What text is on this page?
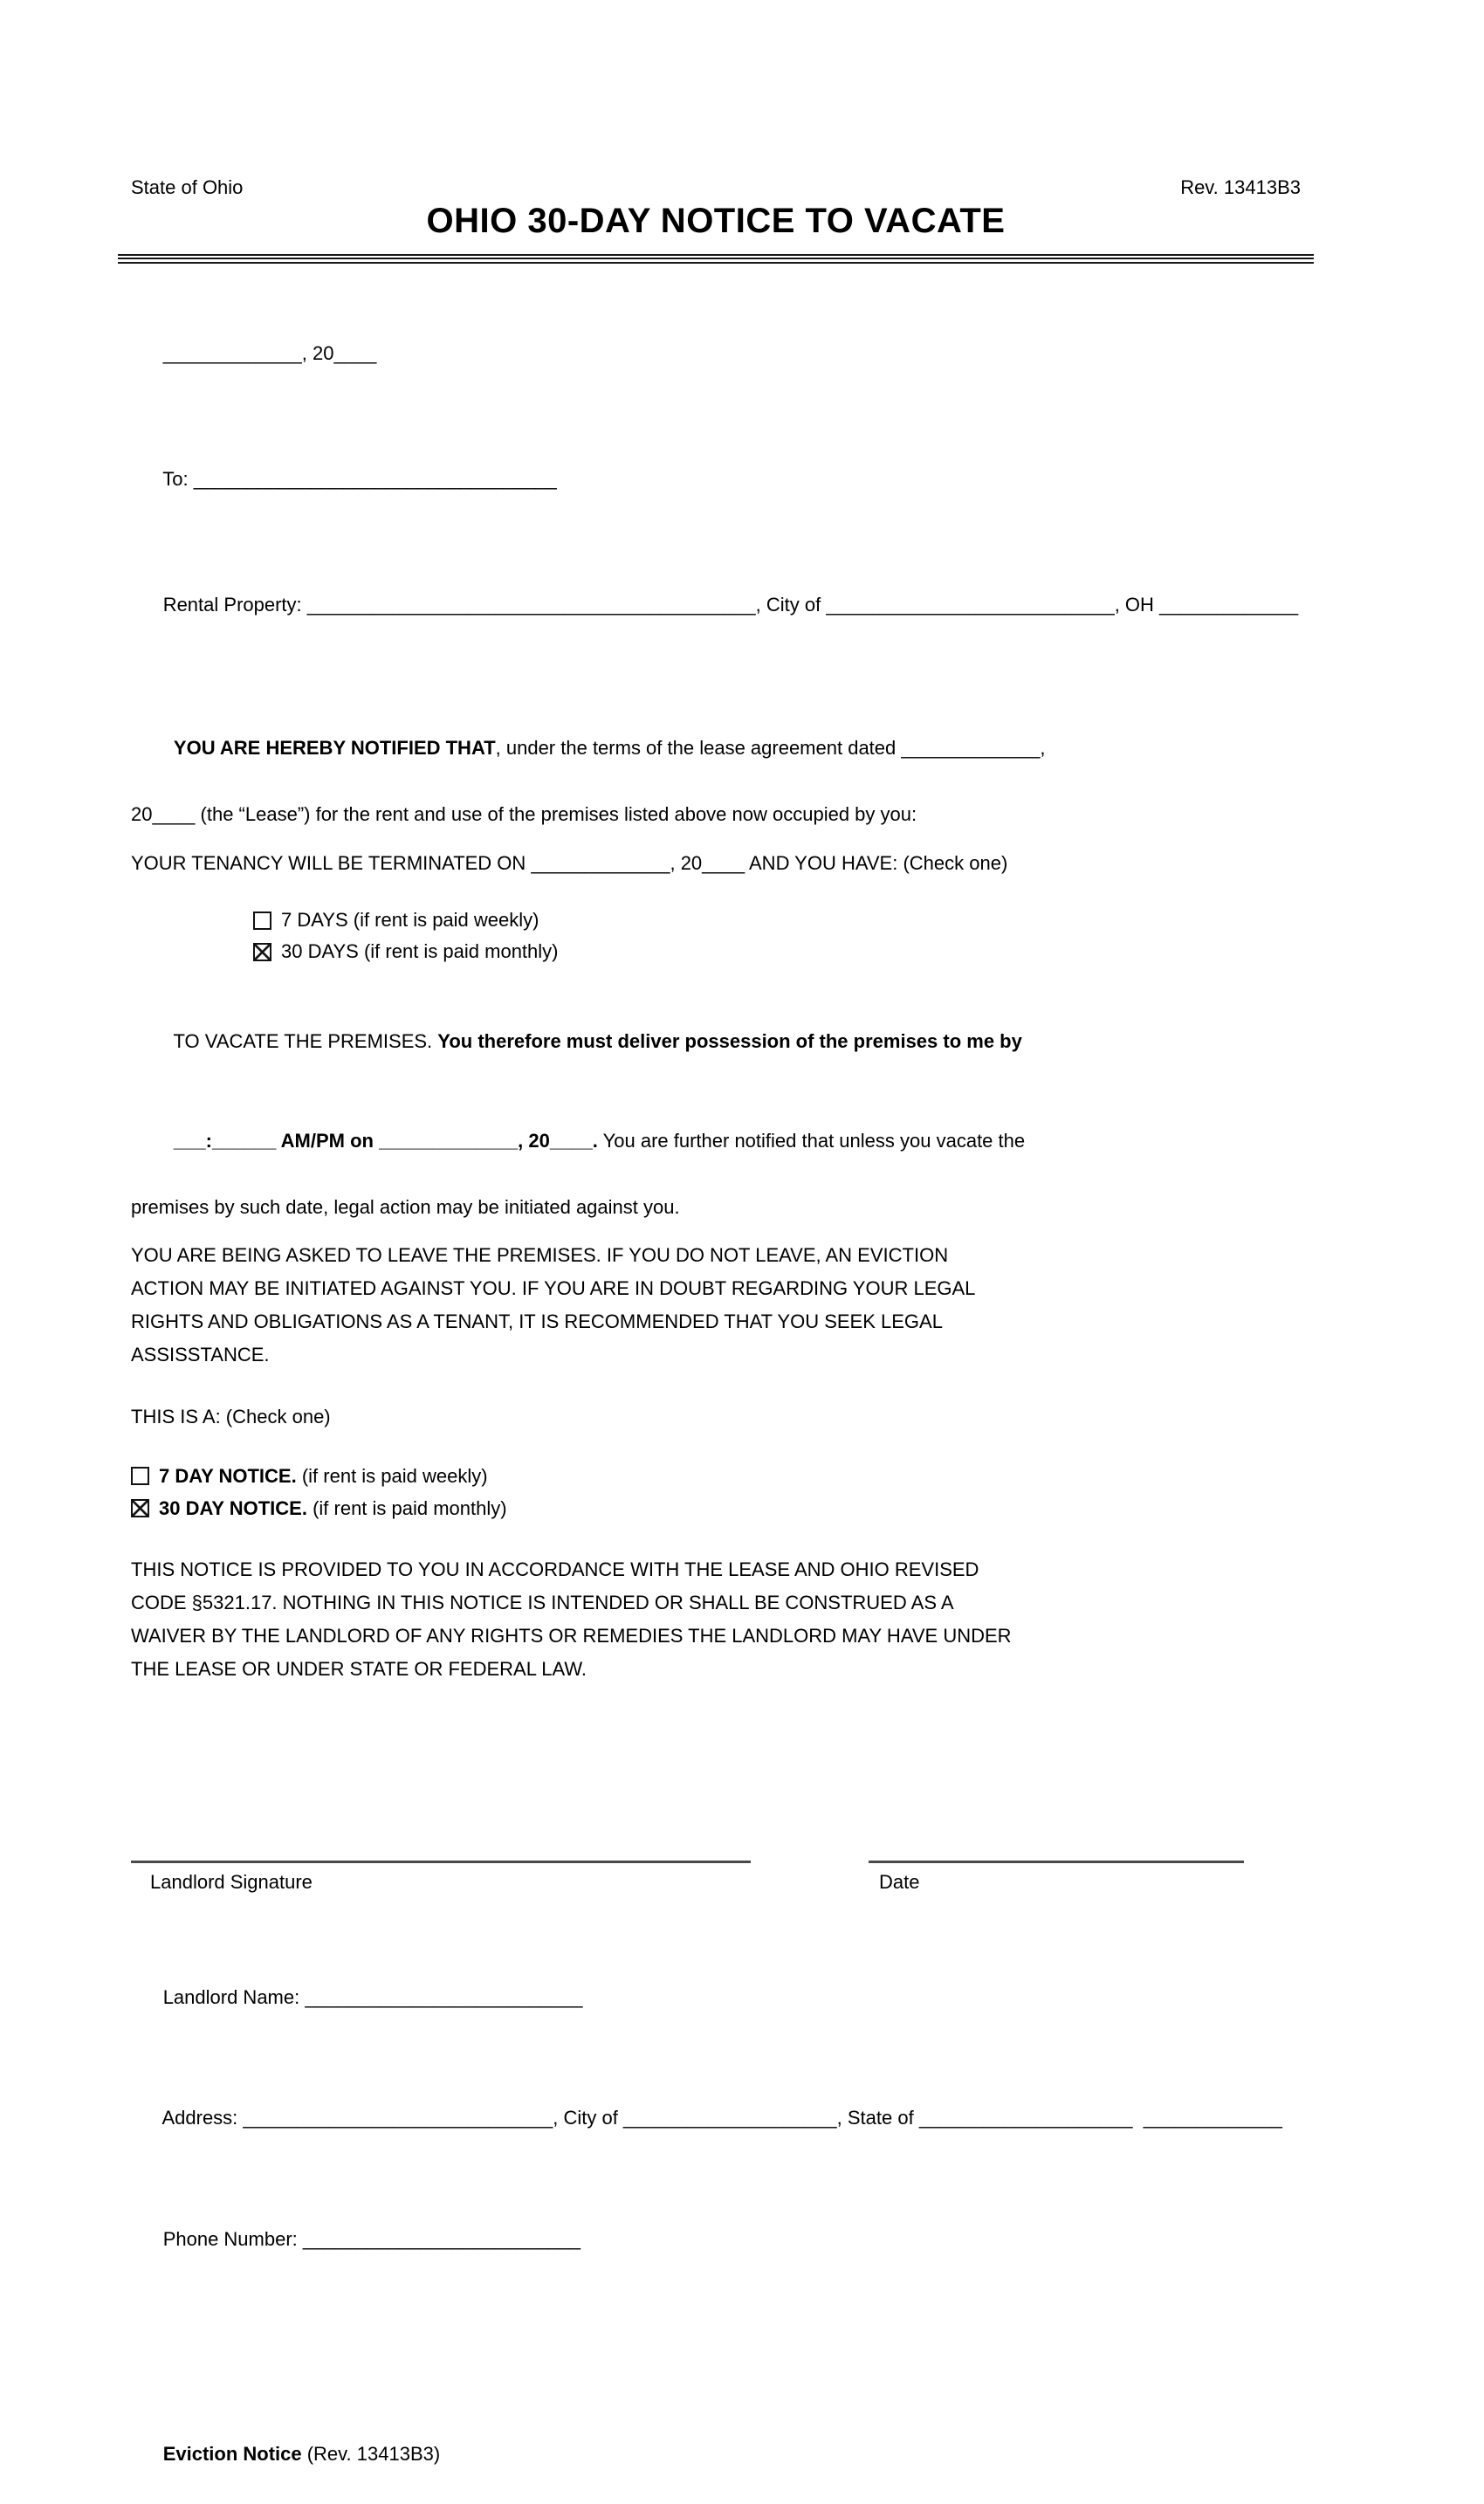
State of Ohio	Rev. 13413B3
OHIO 30-DAY NOTICE TO VACATE

_____________, 20____

To: __________________________________

Rental Property: __________________________________________, City of ___________________________, OH _____________

YOU ARE HEREBY NOTIFIED THAT, under the terms of the lease agreement dated _____________,

20____ (the “Lease”) for the rent and use of the premises listed above now occupied by you:
YOUR TENANCY WILL BE TERMINATED ON _____________, 20____ AND YOU HAVE: (Check one)
7 DAYS (if rent is paid weekly)
30 DAYS (if rent is paid monthly)

TO VACATE THE PREMISES. You therefore must deliver possession of the premises to me by

___:______ AM/PM on _____________, 20____. You are further notified that unless you vacate the

premises by such date, legal action may be initiated against you.
YOU ARE BEING ASKED TO LEAVE THE PREMISES. IF YOU DO NOT LEAVE, AN EVICTION
ACTION MAY BE INITIATED AGAINST YOU. IF YOU ARE IN DOUBT REGARDING YOUR LEGAL
RIGHTS AND OBLIGATIONS AS A TENANT, IT IS RECOMMENDED THAT YOU SEEK LEGAL
ASSISSTANCE.
THIS IS A: (Check one)
7 DAY NOTICE. (if rent is paid weekly)
30 DAY NOTICE. (if rent is paid monthly)
THIS NOTICE IS PROVIDED TO YOU IN ACCORDANCE WITH THE LEASE AND OHIO REVISED
CODE §5321.17. NOTHING IN THIS NOTICE IS INTENDED OR SHALL BE CONSTRUED AS A
WAIVER BY THE LANDLORD OF ANY RIGHTS OR REMEDIES THE LANDLORD MAY HAVE UNDER
THE LEASE OR UNDER STATE OR FEDERAL LAW.
Landlord Signature	Date

Landlord Name: __________________________

Address: _____________________________, City of ____________________, State of ____________________  _____________

Phone Number: __________________________

Eviction Notice (Rev. 13413B3)
